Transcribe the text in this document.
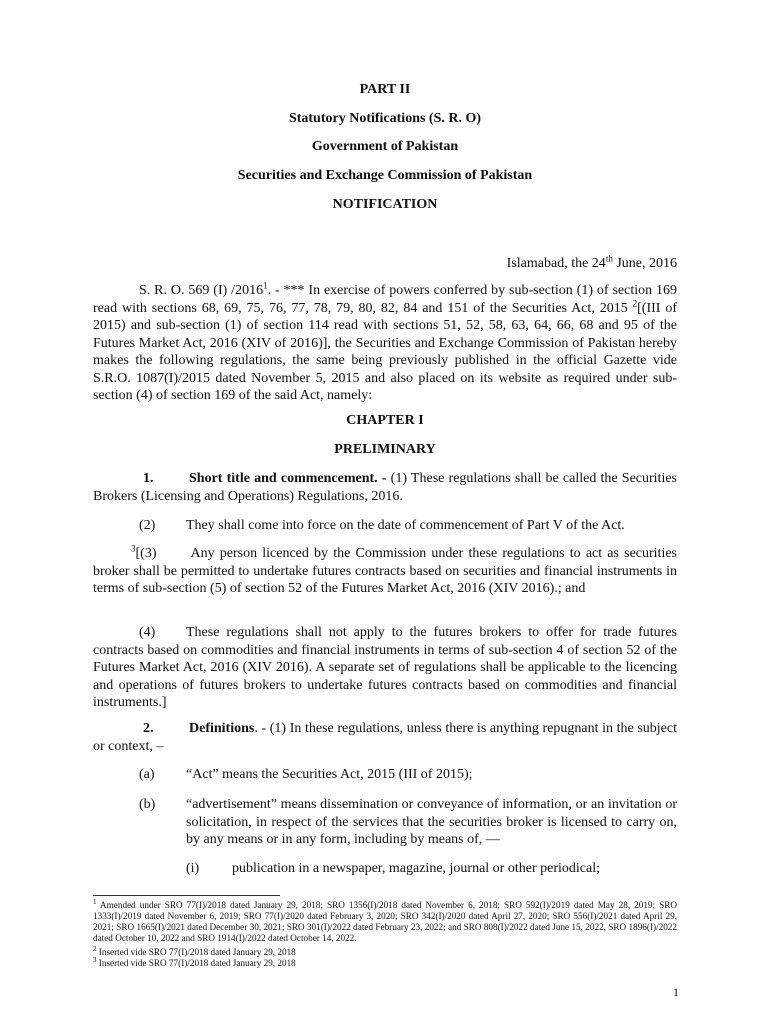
PART II
Statutory Notifications (S. R. O)
Government of Pakistan
Securities and Exchange Commission of Pakistan
NOTIFICATION
Islamabad, the 24th June, 2016

S. R. O. 569 (I) /2016$^1$. - *** In exercise of powers conferred by sub-section (1) of section 169 read with sections 68, 69, 75, 76, 77, 78, 79, 80, 82, 84 and 151 of the Securities Act, 2015 $^2$[(III of 2015) and sub-section (1) of section 114 read with sections 51, 52, 58, 63, 64, 66, 68 and 95 of the Futures Market Act, 2016 (XIV of 2016)], the Securities and Exchange Commission of Pakistan hereby makes the following regulations, the same being previously published in the official Gazette vide S.R.O. 1087(I)/2015 dated November 5, 2015 and also placed on its website as required under sub-section (4) of section 169 of the said Act, namely:

CHAPTER I
PRELIMINARY

1.	Short title and commencement. - (1) These regulations shall be called the Securities Brokers (Licensing and Operations) Regulations, 2016.

(2) They shall come into force on the date of commencement of Part V of the Act.

$^3$[(3) Any person licenced by the Commission under these regulations to act as securities broker shall be permitted to undertake futures contracts based on securities and financial instruments in terms of sub-section (5) of section 52 of the Futures Market Act, 2016 (XIV 2016).; and

(4) These regulations shall not apply to the futures brokers to offer for trade futures contracts based on commodities and financial instruments in terms of sub-section 4 of section 52 of the Futures Market Act, 2016 (XIV 2016). A separate set of regulations shall be applicable to the licencing and operations of futures brokers to undertake futures contracts based on commodities and financial instruments.]

2.	Definitions. - (1) In these regulations, unless there is anything repugnant in the subject or context, –

(a) “Act” means the Securities Act, 2015 (III of 2015);
(b) “advertisement” means dissemination or conveyance of information, or an invitation or solicitation, in respect of the services that the securities broker is licensed to carry on, by any means or in any form, including by means of, —
(i) publication in a newspaper, magazine, journal or other periodical;

$^1$ Amended under SRO 77(I)/2018 dated January 29, 2018; SRO 1356(I)/2018 dated November 6, 2018; SRO 592(I)/2019 dated May 28, 2019; SRO 1333(I)/2019 dated November 6, 2019; SRO 77(I)/2020 dated February 3, 2020; SRO 342(I)/2020 dated April 27, 2020; SRO 556(I)/2021 dated April 29, 2021; SRO 1665(I)/2021 dated December 30, 2021; SRO 301(I)/2022 dated February 23, 2022; and SRO 808(I)/2022 dated June 15, 2022, SRO 1896(I)/2022 dated October 10, 2022 and SRO 1914(I)/2022 dated October 14, 2022.

$^2$ Inserted vide SRO 77(I)/2018 dated January 29, 2018

$^3$ Inserted vide SRO 77(I)/2018 dated January 29, 2018

1
